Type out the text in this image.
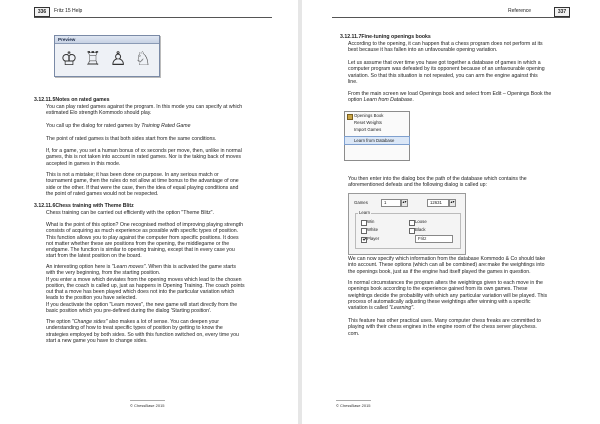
336	Fritz 15 Help
Preview
♔ ♖ ♙ ♘
3.12.11.5Notes on rated games
You can play rated games against the program. In this mode you can specify at which
estimated Elo strength Kommodo should play.
You call up the dialog for rated games by Training Rated Game
The point of rated games is that both sides start from the same conditions.
If, for a game, you set a human bonus of xx seconds per move, then, unlike in normal
games, this is not taken into account in rated games. Nor is the taking back of moves
accepted in games in this mode.
This is not a mistake; it has been done on purpose. In any serious match or
tournament game, then the rules do not allow at time bonus to the advantage of one
side or the other. If that were the case, then the idea of equal playing conditions and
the point of rated games would not be respected.
3.12.11.6Chess training with Theme Blitz
Chess training can be carried out efficiently with the option "Theme Blitz".
What is the point of this option? One recognised method of improving playing strength
consists of acquiring as much experience as possible with specific types of position.
This function allows you to play against the computer from specific positions. It does
not matter whether these are positions from the opening, the middlegame or the
endgame. The function is similar to opening training, except that in every case you
start from the latest position on the board.
An interesting option here is "Learn moves". When this is activated the game starts
with the very beginning, from the starting position.
If you enter a move which deviates from the opening moves which lead to the chosen
position, the coach is called up, just as happens in Opening Training. The coach points
out that a move has been played which does not into the particular variation which
leads to the position you have selected.
If you deactivate the option "Learn moves", the new game will start directly from the
basic position which you pre-defined during the dialog 'Starting position'.
The option "Change sides" also makes a lot of sense. You can deepen your
understanding of how to treat specific types of position by getting to know the
strategies employed by both sides. So with this function switched on, every time you
start a new game you have to change sides.
© ChessBase 2015
Reference	337
3.12.11.7Fine-tuning openings books
According to the opening, it can happen that a chess program does not perform at its
best because it has fallen into an unfavourable opening variation.
Let us assume that over time you have got together a database of games in which a
computer program was defeated by its opponent because of an unfavourable opening
variation. So that this situation is not repeated, you can arm the engine against this
line.
From the main screen we load Openings book and select from Edit – Openings Book the
option Learn from Database.
Openings Book
Reset Weights
Import Games
Learn from Database
You then enter into the dialog box the path of the database which contains the
aforementioned defeats and the following dialog is called up:
Games	1	▴▾	12631	▴▾
Learn
Win	Loose
White	Black
Player	Fritz
We can now specify which information from the database Kommodo & Co should take
into account. These options (which can all be combined) are:make the weightings into
the openings book, just as if the engine had itself played the games in question.
In normal circumstances the program alters the weightings given to each move in the
openings book according to the experience gained from its own games. These
weightings decide the probability with which any particular variation will be played. This
process of automatically adjusting these weightings after winning with a specific
variation is called "Learning".
This feature has other practical uses. Many computer chess freaks are committed to
playing with their chess engines in the engine room of the chess server playchess.
com.
© ChessBase 2015
